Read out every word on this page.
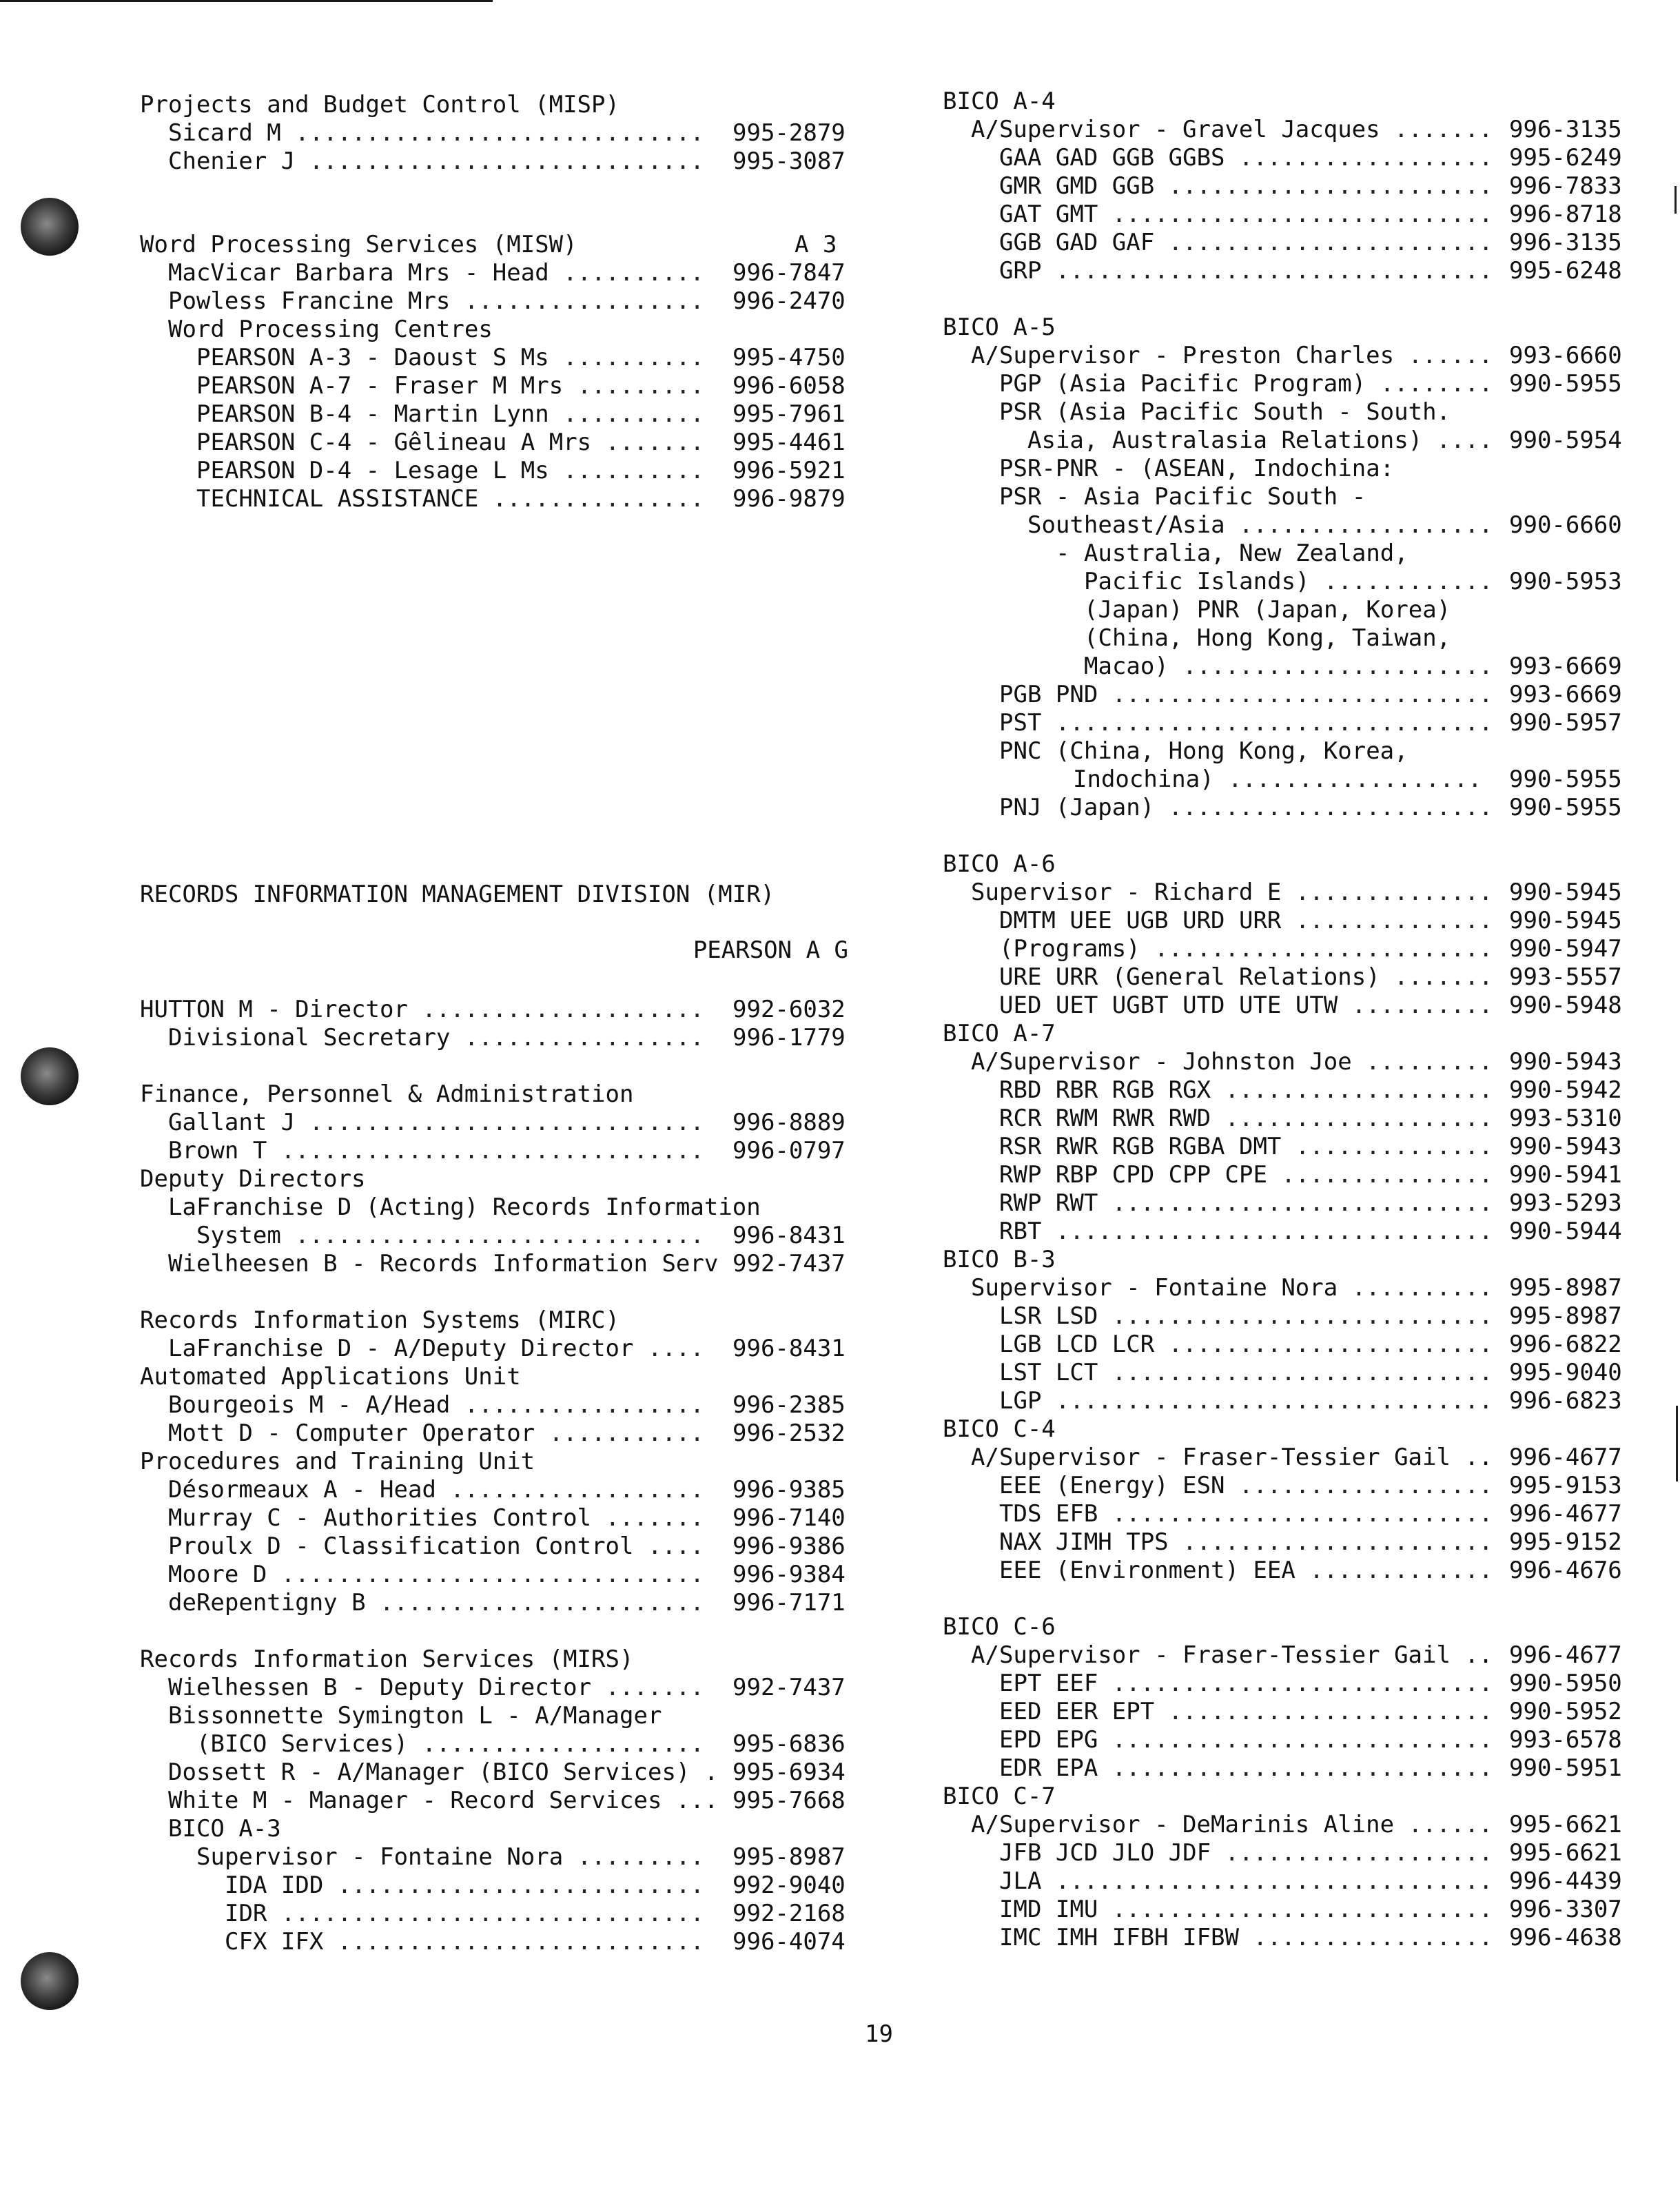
Projects and Budget Control (MISP)
Sicard M ............................. 995-2879
Chenier J ............................ 995-3087
Word Processing Services (MISW)	A 3
MacVicar Barbara Mrs - Head .......... 996-7847
Powless Francine Mrs ................. 996-2470
Word Processing Centres
PEARSON A-3 - Daoust S Ms .......... 995-4750
PEARSON A-7 - Fraser M Mrs ......... 996-6058
PEARSON B-4 - Martin Lynn .......... 995-7961
PEARSON C-4 - Gêlineau A Mrs ....... 995-4461
PEARSON D-4 - Lesage L Ms .......... 996-5921
TECHNICAL ASSISTANCE ............... 996-9879
RECORDS INFORMATION MANAGEMENT DIVISION (MIR)
PEARSON A G
HUTTON M - Director .................... 992-6032
Divisional Secretary ................. 996-1779
Finance, Personnel & Administration
Gallant J ............................ 996-8889
Brown T .............................. 996-0797
Deputy Directors
LaFranchise D (Acting) Records Information
System ............................. 996-8431
Wielheesen B - Records Information Serv 992-7437
Records Information Systems (MIRC)
LaFranchise D - A/Deputy Director .... 996-8431
Automated Applications Unit
Bourgeois M - A/Head ................. 996-2385
Mott D - Computer Operator ........... 996-2532
Procedures and Training Unit
Désormeaux A - Head .................. 996-9385
Murray C - Authorities Control ....... 996-7140
Proulx D - Classification Control .... 996-9386
Moore D .............................. 996-9384
deRepentigny B ....................... 996-7171
Records Information Services (MIRS)
Wielhessen B - Deputy Director ....... 992-7437
Bissonnette Symington L - A/Manager
(BICO Services) .................... 995-6836
Dossett R - A/Manager (BICO Services) . 995-6934
White M - Manager - Record Services ... 995-7668
BICO A-3
Supervisor - Fontaine Nora ......... 995-8987
IDA IDD .......................... 992-9040
IDR .............................. 992-2168
CFX IFX .......................... 996-4074
BICO A-4
A/Supervisor - Gravel Jacques ....... 996-3135
GAA GAD GGB GGBS .................. 995-6249
GMR GMD GGB ....................... 996-7833
GAT GMT ........................... 996-8718
GGB GAD GAF ....................... 996-3135
GRP ............................... 995-6248
BICO A-5
A/Supervisor - Preston Charles ...... 993-6660
PGP (Asia Pacific Program) ........ 990-5955
PSR (Asia Pacific South - South.
Asia, Australasia Relations) .... 990-5954
PSR-PNR - (ASEAN, Indochina:
PSR - Asia Pacific South -
Southeast/Asia .................. 990-6660
- Australia, New Zealand,
Pacific Islands) ............ 990-5953
(Japan) PNR (Japan, Korea)
(China, Hong Kong, Taiwan,
Macao) ...................... 993-6669
PGB PND ........................... 993-6669
PST ............................... 990-5957
PNC (China, Hong Kong, Korea,
Indochina) .................. 990-5955
PNJ (Japan) ....................... 990-5955
BICO A-6
Supervisor - Richard E .............. 990-5945
DMTM UEE UGB URD URR .............. 990-5945
(Programs) ........................ 990-5947
URE URR (General Relations) ....... 993-5557
UED UET UGBT UTD UTE UTW .......... 990-5948
BICO A-7
A/Supervisor - Johnston Joe ......... 990-5943
RBD RBR RGB RGX ................... 990-5942
RCR RWM RWR RWD ................... 993-5310
RSR RWR RGB RGBA DMT .............. 990-5943
RWP RBP CPD CPP CPE ............... 990-5941
RWP RWT ........................... 993-5293
RBT ............................... 990-5944
BICO B-3
Supervisor - Fontaine Nora .......... 995-8987
LSR LSD ........................... 995-8987
LGB LCD LCR ....................... 996-6822
LST LCT ........................... 995-9040
LGP ............................... 996-6823
BICO C-4
A/Supervisor - Fraser-Tessier Gail .. 996-4677
EEE (Energy) ESN .................. 995-9153
TDS EFB ........................... 996-4677
NAX JIMH TPS ...................... 995-9152
EEE (Environment) EEA ............. 996-4676
BICO C-6
A/Supervisor - Fraser-Tessier Gail .. 996-4677
EPT EEF ........................... 990-5950
EED EER EPT ....................... 990-5952
EPD EPG ........................... 993-6578
EDR EPA ........................... 990-5951
BICO C-7
A/Supervisor - DeMarinis Aline ...... 995-6621
JFB JCD JLO JDF ................... 995-6621
JLA ............................... 996-4439
IMD IMU ........................... 996-3307
IMC IMH IFBH IFBW ................. 996-4638
19
